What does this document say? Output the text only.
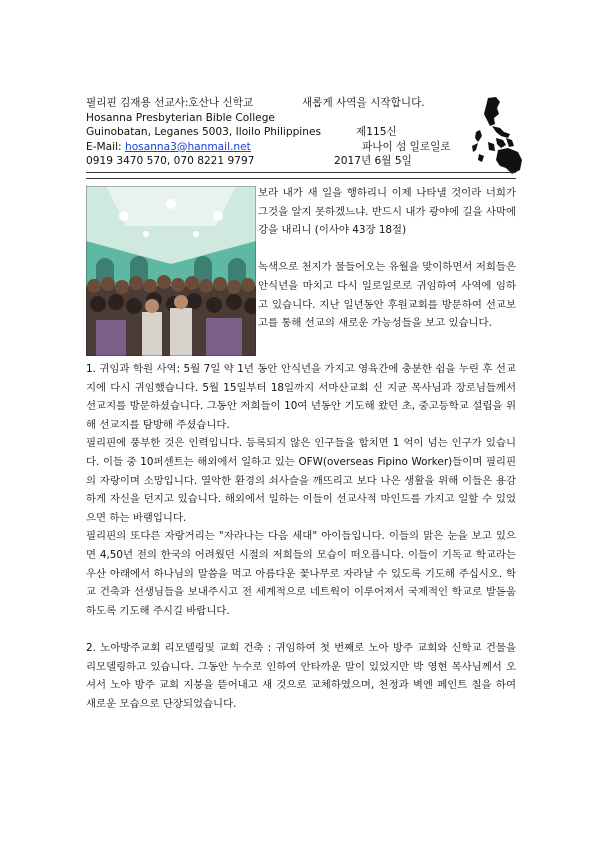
필리핀 김재용 선교사:호산나 신학교	새롭게 사역을 시작합니다.
Hosanna Presbyterian Bible College
Guinobatan, Leganes 5003, Iloilo Philippines	제115신
E-Mail: hosanna3@hanmail.net	파나이 섬 일로일로
0919 3470 570, 070 8221 9797	2017년 6월 5일

보라 내가 새 일을 행하리니 이제 나타낼 것이라 너희가 그것을 알지 못하겠느냐. 반드시 내가 광야에 길을 사막에 강을 내리니 (이사야 43장 18절)

녹색으로 천지가 물들어오는 유월을 맞이하면서 저희들은 안식년을 마치고 다시 일로일로로 귀임하여 사역에 임하고 있습니다. 지난 일년동안 후원교회를 방문하여 선교보고를 통해 선교의 새로운 가능성들을 보고 있습니다.

1. 귀임과 학원 사역: 5월 7일 약 1년 동안 안식년을 가지고 영육간에 충분한 쉼을 누린 후 선교지에 다시 귀임했습니다. 5월 15일부터 18일까지 서마산교회 신 지균 목사님과 장로님들께서 선교지를 방문하셨습니다. 그동안 저희들이 10여 년동안 기도해 왔던 초, 중고등학교 설립을 위해 선교지를 탐방해 주셨습니다.

필리핀에 풍부한 것은 인력입니다. 등록되지 않은 인구들을 합치면 1 억이 넘는 인구가 있습니다. 이들 중 10퍼센트는 해외에서 일하고 있는 OFW(overseas Fipino Worker)들이며 필리핀의 자랑이며 소망입니다. 열악한 환경의 쇠사슬을 깨뜨리고 보다 나은 생활을 위해 이들은 용감하게 자신을 던지고 있습니다. 해외에서 일하는 이들이 선교사적 마인드를 가지고 일할 수 있었으면 하는 바램입니다.

필리핀의 또다른 자랑거리는 "자라나는 다음 세대" 아이들입니다. 이들의 맑은 눈을 보고 있으면 4,50년 전의 한국의 어려웠던 시절의 저희들의 모습이 떠오릅니다. 이들이 기독교 학교라는 우산 아래에서 하나님의 말씀을 먹고 아름다운 꽃나무로 자라날 수 있도록 기도해 주십시오. 학교 건축과 선생님들을 보내주시고 전 세계적으로 네트웍이 이루어져서 국제적인 학교로 발돋움하도록 기도해 주시길 바랍니다.

2. 노아방주교회 리모델링및 교회 건축 : 귀임하여 첫 번째로 노아 방주 교회와 신학교 건물을 리모델링하고 있습니다. 그동안 누수로 인하여 안타까운 말이 있었지만 박 영현 목사님께서 오셔서 노아 방주 교회 지붕을 뜯어내고 새 것으로 교체하였으며, 천정과 벽엔 페인트 칠을 하여 새로운 모습으로 단장되었습니다.
